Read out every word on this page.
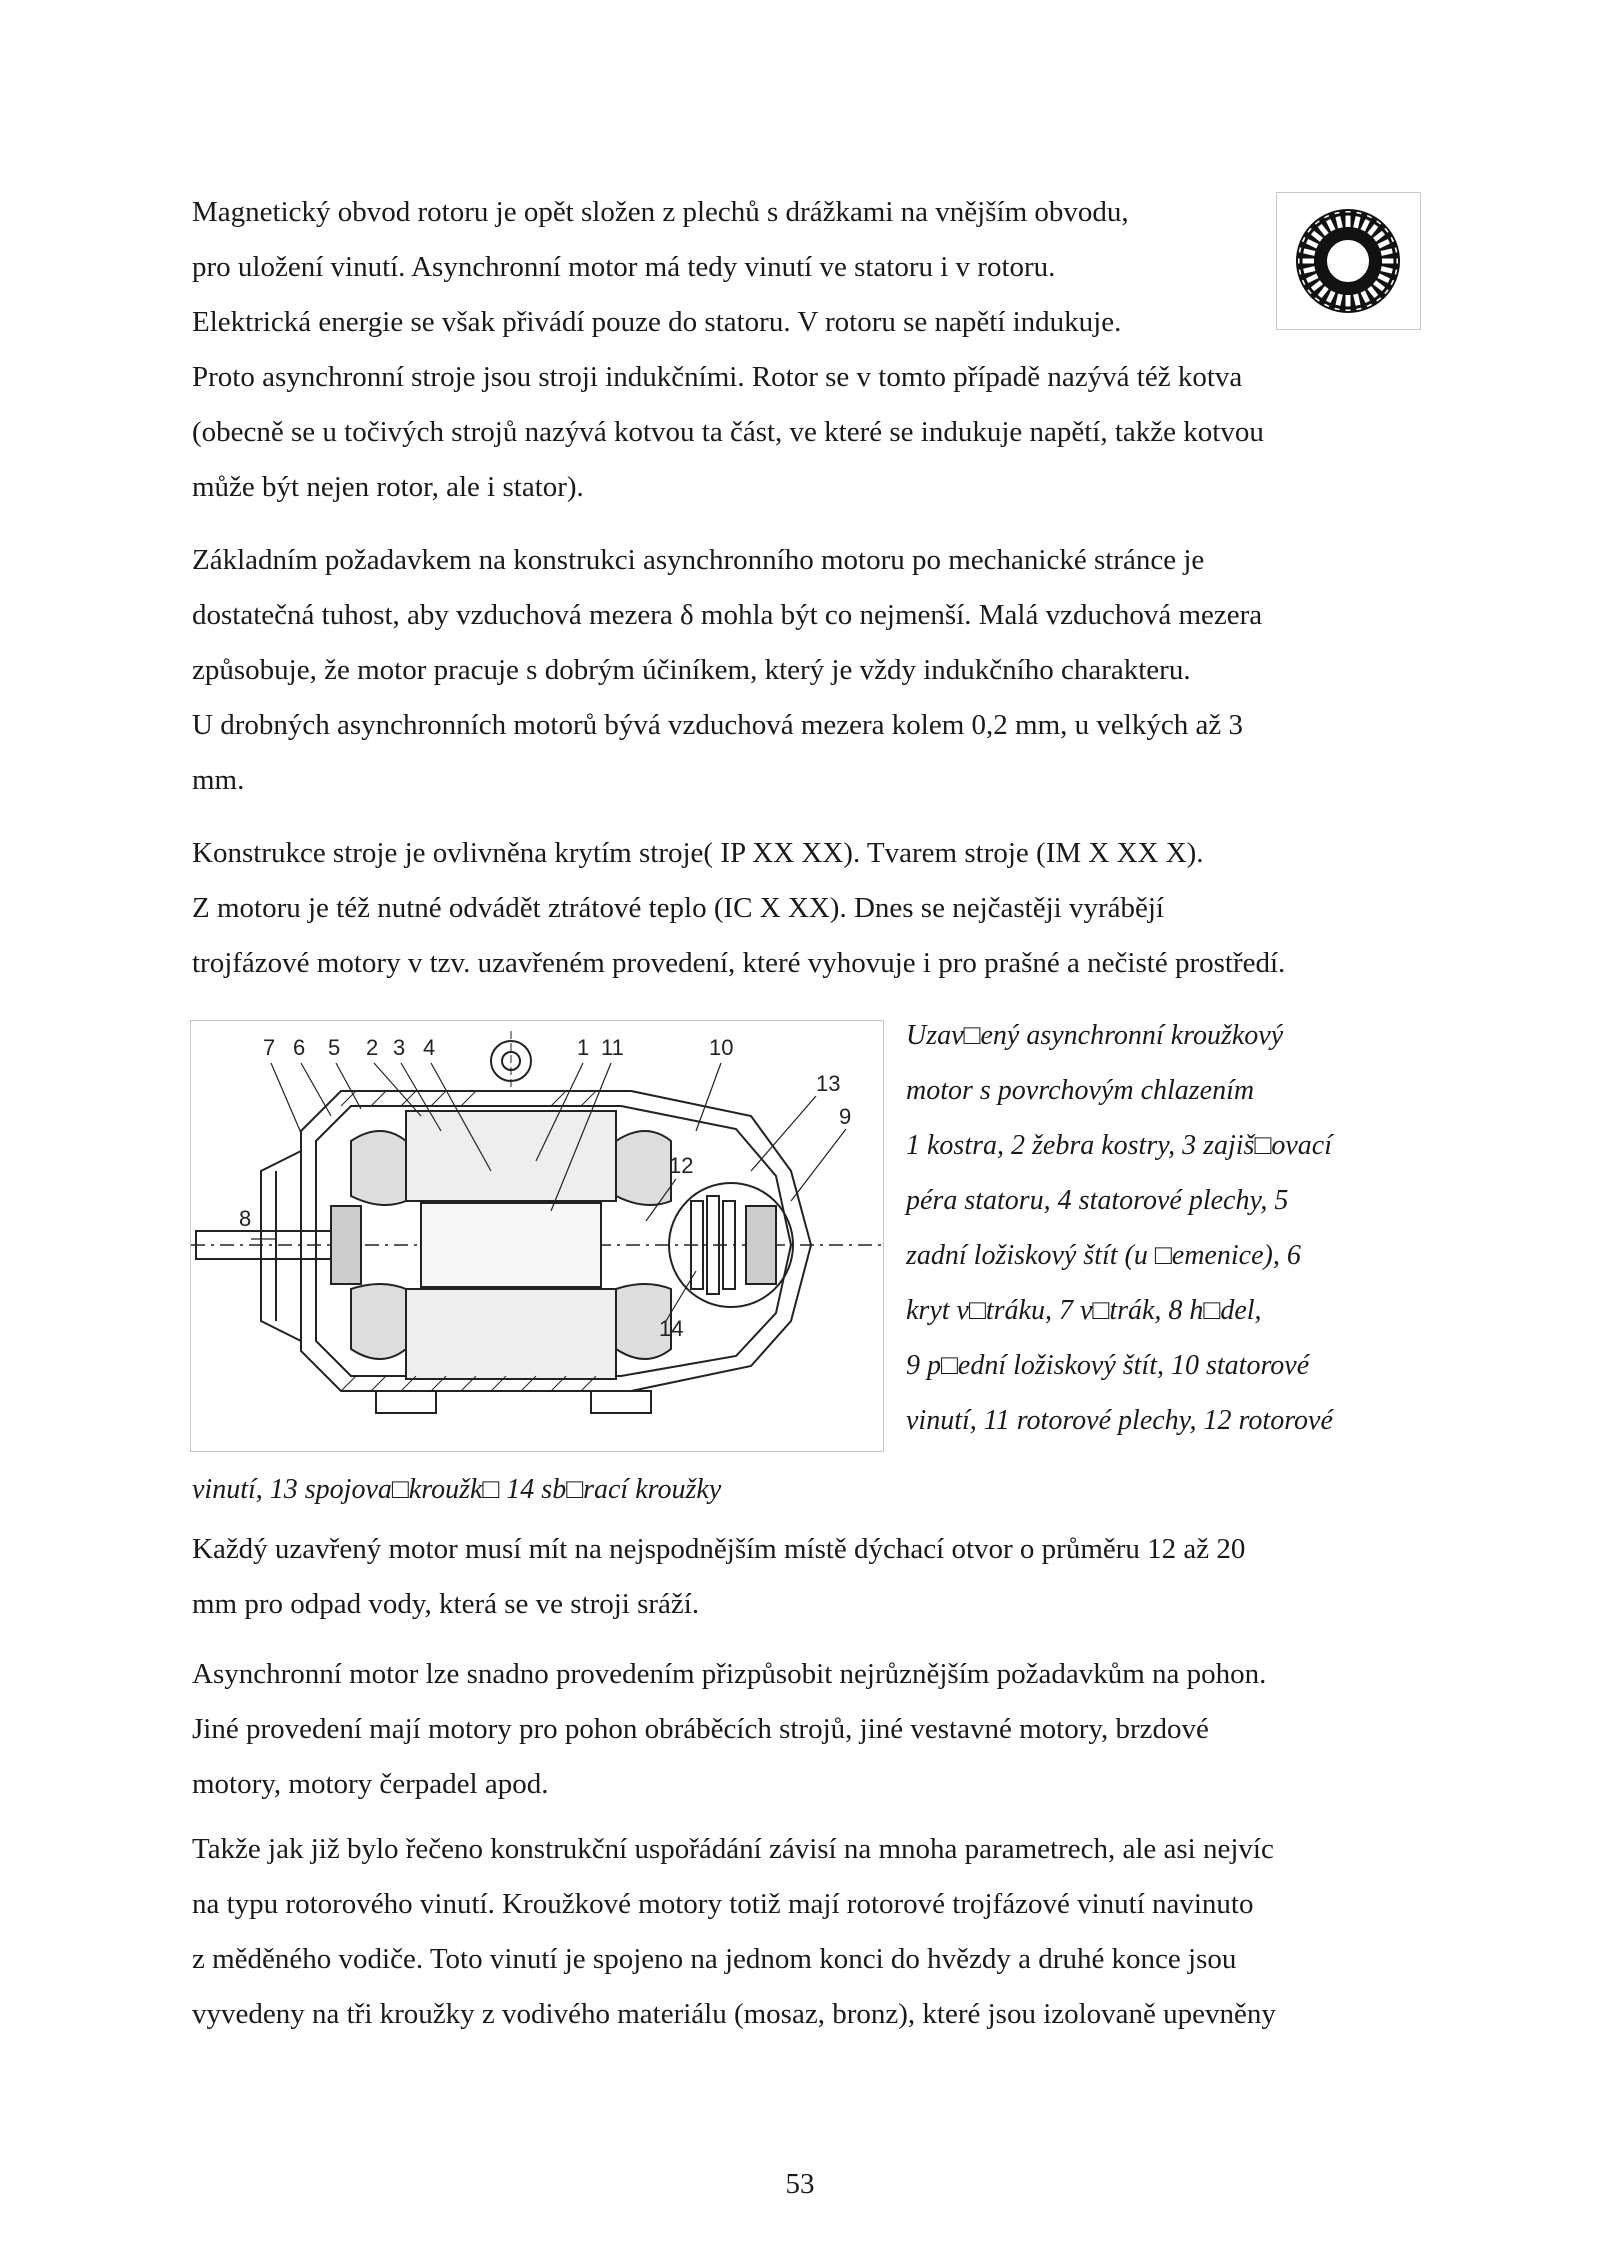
Magnetický obvod rotoru je opět složen z plechů s drážkami na vnějším obvodu,
pro uložení vinutí. Asynchronní motor má tedy vinutí ve statoru i v rotoru.
Elektrická energie se však přivádí pouze do statoru. V rotoru se napětí indukuje.

Proto asynchronní stroje jsou stroji indukčními. Rotor se v tomto případě nazývá též kotva
(obecně se u točivých strojů nazývá kotvou ta část, ve které se indukuje napětí, takže kotvou
může být nejen rotor, ale i stator).

Základním požadavkem na konstrukci asynchronního motoru po mechanické stránce je
dostatečná tuhost, aby vzduchová mezera δ mohla být co nejmenší. Malá vzduchová mezera
způsobuje, že motor pracuje s dobrým účiníkem, který je vždy indukčního charakteru.
U drobných asynchronních motorů bývá vzduchová mezera kolem 0,2 mm, u velkých až 3
mm.

Konstrukce stroje je ovlivněna krytím stroje( IP XX XX). Tvarem stroje (IM X XX X).
Z motoru je též nutné odvádět ztrátové teplo (IC X XX). Dnes se nejčastěji vyrábějí
trojfázové motory v tzv. uzavřeném provedení, které vyhovuje i pro prašné a nečisté prostředí.

7 6 5 2 3 4	1 11	10
13
9
12
8
14

Uzav□ený asynchronní kroužkový
motor s povrchovým chlazením
1 kostra, 2 žebra kostry, 3 zajiš□ovací
péra statoru, 4 statorové plechy, 5
zadní ložiskový štít (u □emenice), 6
kryt v□tráku, 7 v□trák, 8 h□del,
9 p□ední ložiskový štít, 10 statorové
vinutí, 11 rotorové plechy, 12 rotorové

vinutí, 13 spojova□kroužk□ 14 sb□rací kroužky

Každý uzavřený motor musí mít na nejspodnějším místě dýchací otvor o průměru 12 až 20
mm pro odpad vody, která se ve stroji sráží.

Asynchronní motor lze snadno provedením přizpůsobit nejrůznějším požadavkům na pohon.
Jiné provedení mají motory pro pohon obráběcích strojů, jiné vestavné motory, brzdové
motory, motory čerpadel apod.

Takže jak již bylo řečeno konstrukční uspořádání závisí na mnoha parametrech, ale asi nejvíc
na typu rotorového vinutí. Kroužkové motory totiž mají rotorové trojfázové vinutí navinuto
z měděného vodiče. Toto vinutí je spojeno na jednom konci do hvězdy a druhé konce jsou
vyvedeny na tři kroužky z vodivého materiálu (mosaz, bronz), které jsou izolovaně upevněny

53
